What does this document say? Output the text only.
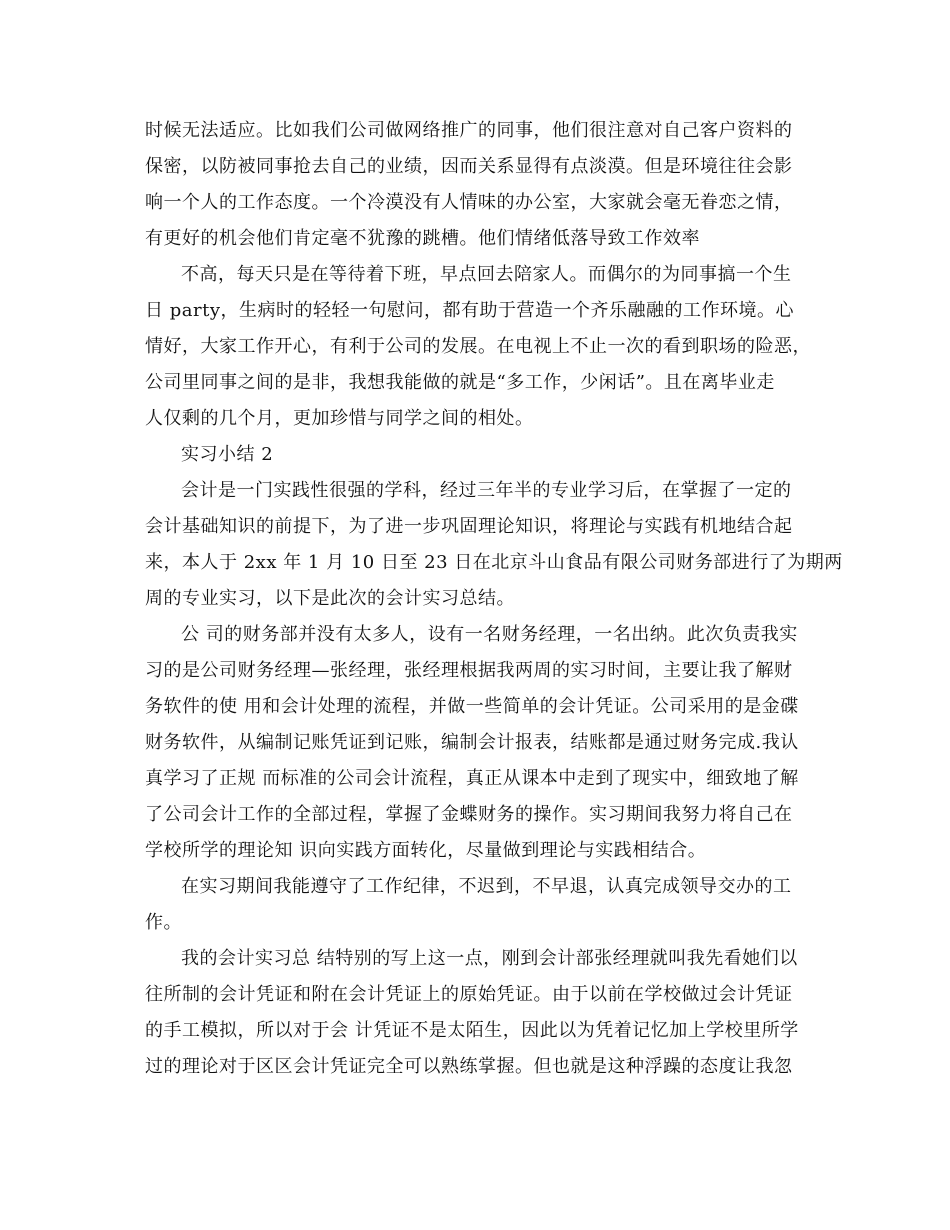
时候无法适应。比如我们公司做网络推广的同事，他们很注意对自己客户资料的
保密，以防被同事抢去自己的业绩，因而关系显得有点淡漠。但是环境往往会影
响一个人的工作态度。一个冷漠没有人情味的办公室，大家就会毫无眷恋之情，
有更好的机会他们肯定毫不犹豫的跳槽。他们情绪低落导致工作效率
不高，每天只是在等待着下班，早点回去陪家人。而偶尔的为同事搞一个生
日 party，生病时的轻轻一句慰问，都有助于营造一个齐乐融融的工作环境。心
情好，大家工作开心，有利于公司的发展。在电视上不止一次的看到职场的险恶，
公司里同事之间的是非，我想我能做的就是“多工作，少闲话”。且在离毕业走
人仅剩的几个月，更加珍惜与同学之间的相处。
实习小结 2
会计是一门实践性很强的学科，经过三年半的专业学习后，在掌握了一定的
会计基础知识的前提下，为了进一步巩固理论知识，将理论与实践有机地结合起
来，本人于 2xx 年 1 月 10 日至 23 日在北京斗山食品有限公司财务部进行了为期两
周的专业实习，以下是此次的会计实习总结。
公 司的财务部并没有太多人，设有一名财务经理，一名出纳。此次负责我实
习的是公司财务经理—张经理，张经理根据我两周的实习时间，主要让我了解财
务软件的使 用和会计处理的流程，并做一些简单的会计凭证。公司采用的是金碟
财务软件，从编制记账凭证到记账，编制会计报表，结账都是通过财务完成.我认
真学习了正规 而标准的公司会计流程，真正从课本中走到了现实中，细致地了解
了公司会计工作的全部过程，掌握了金蝶财务的操作。实习期间我努力将自己在
学校所学的理论知 识向实践方面转化，尽量做到理论与实践相结合。
在实习期间我能遵守了工作纪律，不迟到，不早退，认真完成领导交办的工
作。
我的会计实习总 结特别的写上这一点，刚到会计部张经理就叫我先看她们以
往所制的会计凭证和附在会计凭证上的原始凭证。由于以前在学校做过会计凭证
的手工模拟，所以对于会 计凭证不是太陌生，因此以为凭着记忆加上学校里所学
过的理论对于区区会计凭证完全可以熟练掌握。但也就是这种浮躁的态度让我忽
